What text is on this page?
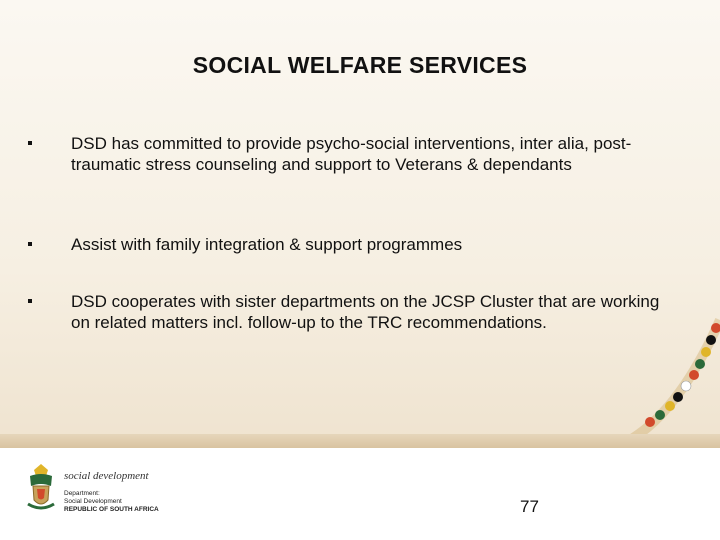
SOCIAL WELFARE SERVICES
DSD has committed to provide psycho-social interventions, inter alia, post-traumatic stress counseling and support to Veterans & dependants
Assist with family integration & support programmes
DSD cooperates with sister departments on the JCSP Cluster that are working on related matters incl. follow-up to the TRC recommendations.
social development
Department:
Social Development
REPUBLIC OF SOUTH AFRICA	77
